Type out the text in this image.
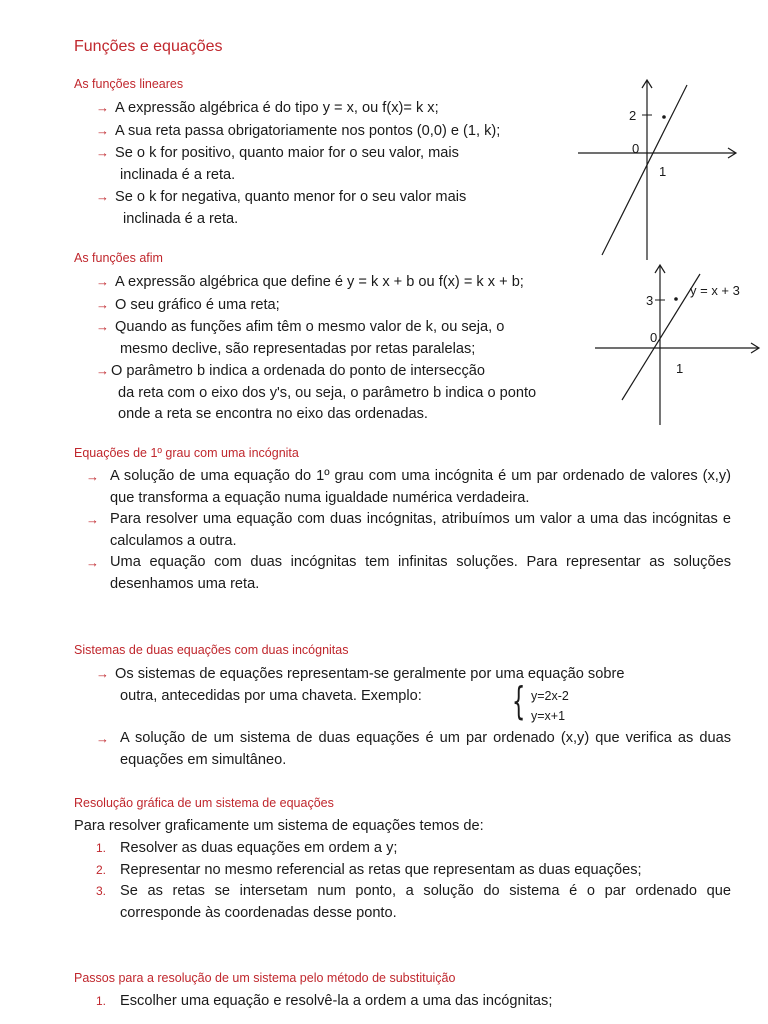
Funções e equações
As funções lineares
→ A expressão algébrica é do tipo y = x, ou f(x)= k x;
→ A sua reta passa obrigatoriamente nos pontos (0,0) e (1, k);
→ Se o k for positivo, quanto maior for o seu valor, mais
inclinada é a reta.
→ Se o k for negativa, quanto menor for o seu valor mais
inclinada é a reta.
2
0
1
As funções afim
→ A expressão algébrica que define é y = k x + b ou f(x) = k x + b;
→ O seu gráfico é uma reta;
→ Quando as funções afim têm o mesmo valor de k, ou seja, o
mesmo declive, são representadas por retas paralelas;
→ O parâmetro b indica a ordenada do ponto de intersecção
da reta com o eixo dos y's, ou seja, o parâmetro b indica o ponto
onde a reta se encontra no eixo das ordenadas.
3
0
1
y = x + 3
Equações de 1º grau com uma incógnita
→ A solução de uma equação do 1º grau com uma incógnita é um par ordenado de valores (x,y) que transforma a equação numa igualdade numérica verdadeira.
→ Para resolver uma equação com duas incógnitas, atribuímos um valor a uma das incógnitas e calculamos a outra.
→ Uma equação com duas incógnitas tem infinitas soluções. Para representar as soluções desenhamos uma reta.
Sistemas de duas equações com duas incógnitas
→ Os sistemas de equações representam-se geralmente por uma equação sobre
outra, antecedidas por uma chaveta. Exemplo:	{ y=2x-2
y=x+1
→ A solução de um sistema de duas equações é um par ordenado (x,y) que verifica as duas equações em simultâneo.
Resolução gráfica de um sistema de equações
Para resolver graficamente um sistema de equações temos de:
1. Resolver as duas equações em ordem a y;
2. Representar no mesmo referencial as retas que representam as duas equações;
3. Se as retas se intersetam num ponto, a solução do sistema é o par ordenado que corresponde às coordenadas desse ponto.
Passos para a resolução de um sistema pelo método de substituição
1. Escolher uma equação e resolvê-la a ordem a uma das incógnitas;
